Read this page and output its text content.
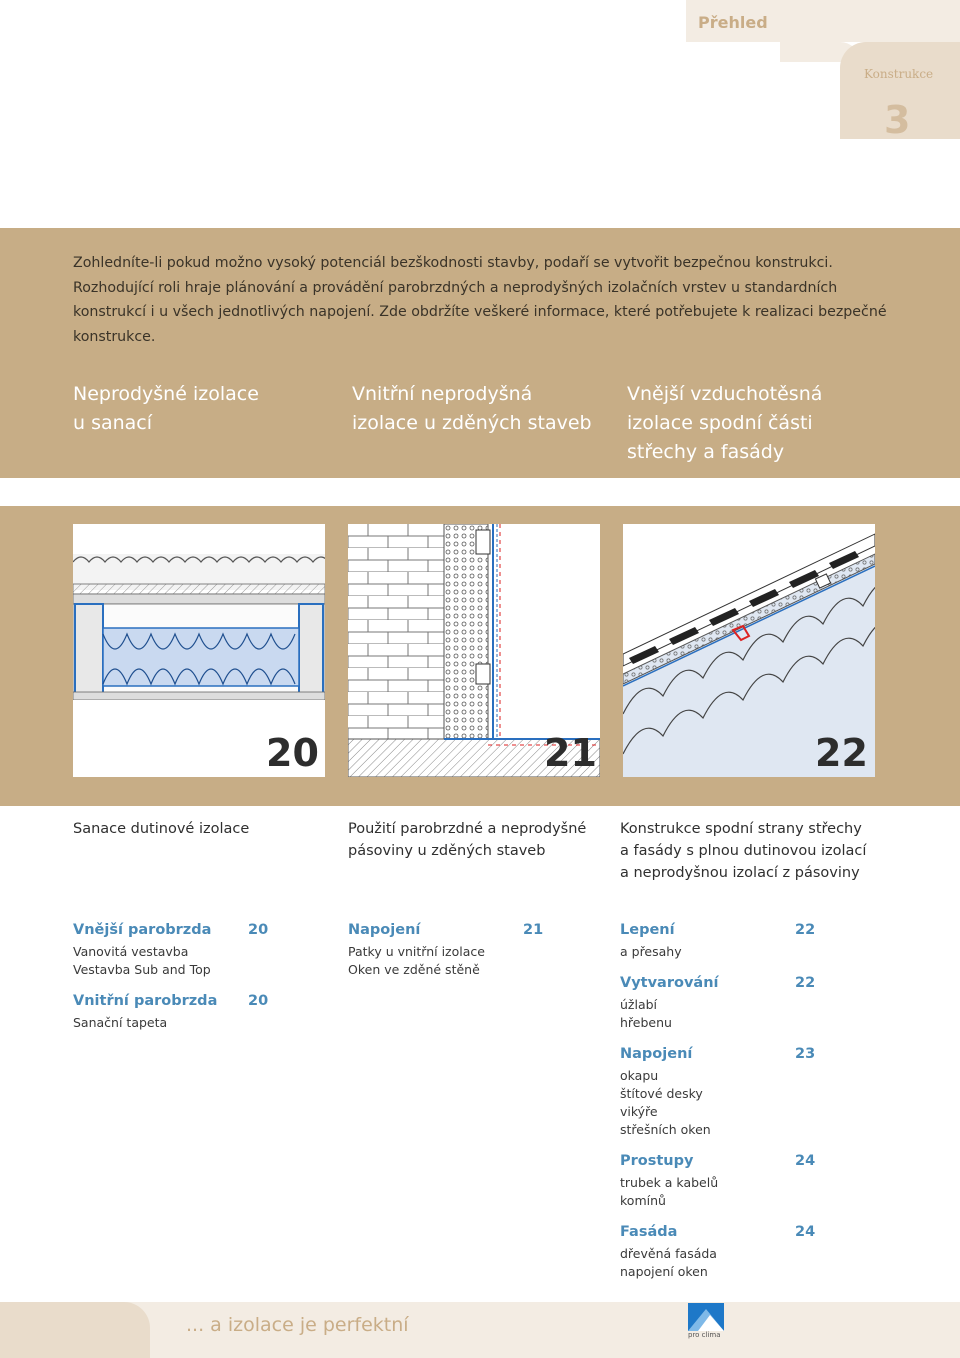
Přehled
Konstrukce
3

Zohledníte-li pokud možno vysoký potenciál bezškodnosti stavby, podaří se vytvořit bezpečnou konstrukci. Rozhodující roli hraje plánování a provádění parobrzdných a neprodyšných izolačních vrstev u standardních konstrukcí i u všech jednotlivých napojení. Zde obdržíte veškeré informace, které potřebujete k realizaci bezpečné konstrukce.

Neprodyšné izolace
u sanací
Vnitřní neprodyšná
izolace u zděných staveb
Vnější vzduchotěsná
izolace spodní části
střechy a fasády
20	21	22
Sanace dutinové izolace	Použití parobrzdné a neprodyšné
pásoviny u zděných staveb
Konstrukce spodní strany střechy
a fasády s plnou dutinovou izolací
a neprodyšnou izolací z pásoviny
Vnější parobrzda	20
Vanovitá vestavba
Vestavba Sub and Top
Vnitřní parobrzda 20
Sanační tapeta
Napojení	21
Patky u vnitřní izolace
Oken ve zděné stěně
Lepení	22
a přesahy
Vytvarování	22
úžlabí
hřebenu
Napojení	23
okapu
štítové desky
vikýře
střešních oken
Prostupy	24
trubek a kabelů
komínů
Fasáda	24
dřevěná fasáda
napojení oken
... a izolace je perfektní	pro clima
